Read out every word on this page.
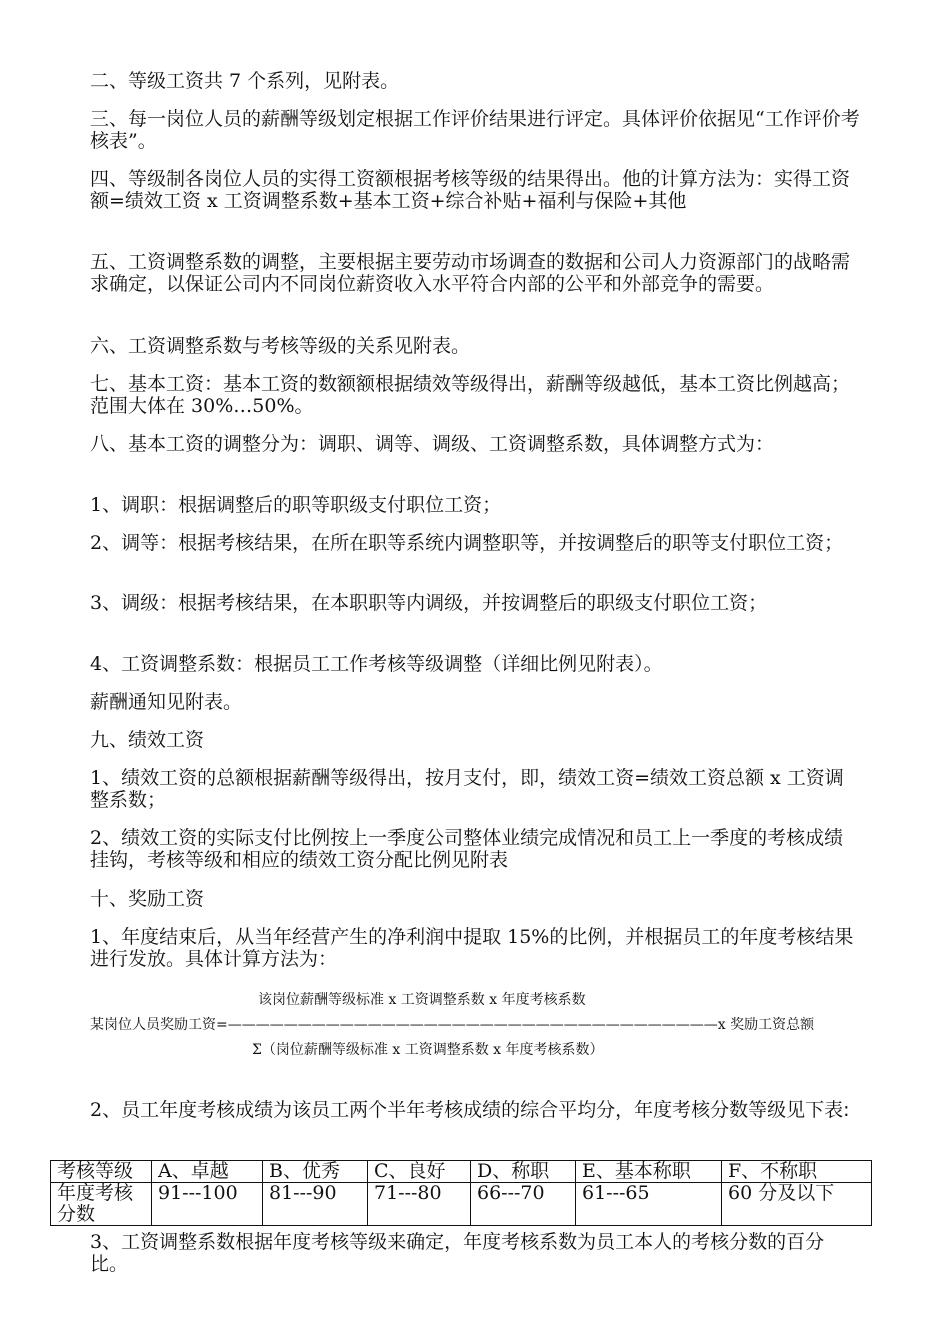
二、等级工资共 7 个系列，见附表。

三、每一岗位人员的薪酬等级划定根据工作评价结果进行评定。具体评价依据见“工作评价考核表”。

四、等级制各岗位人员的实得工资额根据考核等级的结果得出。他的计算方法为：实得工资额=绩效工资 x 工资调整系数+基本工资+综合补贴+福利与保险+其他

五、工资调整系数的调整，主要根据主要劳动市场调查的数据和公司人力资源部门的战略需求确定，以保证公司内不同岗位薪资收入水平符合内部的公平和外部竞争的需要。

六、工资调整系数与考核等级的关系见附表。

七、基本工资：基本工资的数额额根据绩效等级得出，薪酬等级越低，基本工资比例越高；范围大体在 30%…50%。

八、基本工资的调整分为：调职、调等、调级、工资调整系数，具体调整方式为：

1、调职：根据调整后的职等职级支付职位工资；

2、调等：根据考核结果，在所在职等系统内调整职等，并按调整后的职等支付职位工资；

3、调级：根据考核结果，在本职职等内调级，并按调整后的职级支付职位工资；

4、工资调整系数：根据员工工作考核等级调整（详细比例见附表）。

薪酬通知见附表。

九、绩效工资

1、绩效工资的总额根据薪酬等级得出，按月支付，即，绩效工资=绩效工资总额 x 工资调整系数；

2、绩效工资的实际支付比例按上一季度公司整体业绩完成情况和员工上一季度的考核成绩挂钩，考核等级和相应的绩效工资分配比例见附表

十、奖励工资

1、年度结束后，从当年经营产生的净利润中提取 15%的比例，并根据员工的年度考核结果进行发放。具体计算方法为：

该岗位薪酬等级标准 x 工资调整系数 x 年度考核系数
某岗位人员奖励工资=———————————————————————————————————x 奖励工资总额
Σ（岗位薪酬等级标准 x 工资调整系数 x 年度考核系数）

2、员工年度考核成绩为该员工两个半年考核成绩的综合平均分，年度考核分数等级见下表:

考核等级	A、卓越	B、优秀	C、良好	D、称职	E、基本称职	F、不称职
年度考核分数	91---100	81---90	71---80	66---70	61---65	60 分及以下

3、工资调整系数根据年度考核等级来确定，年度考核系数为员工本人的考核分数的百分比。
